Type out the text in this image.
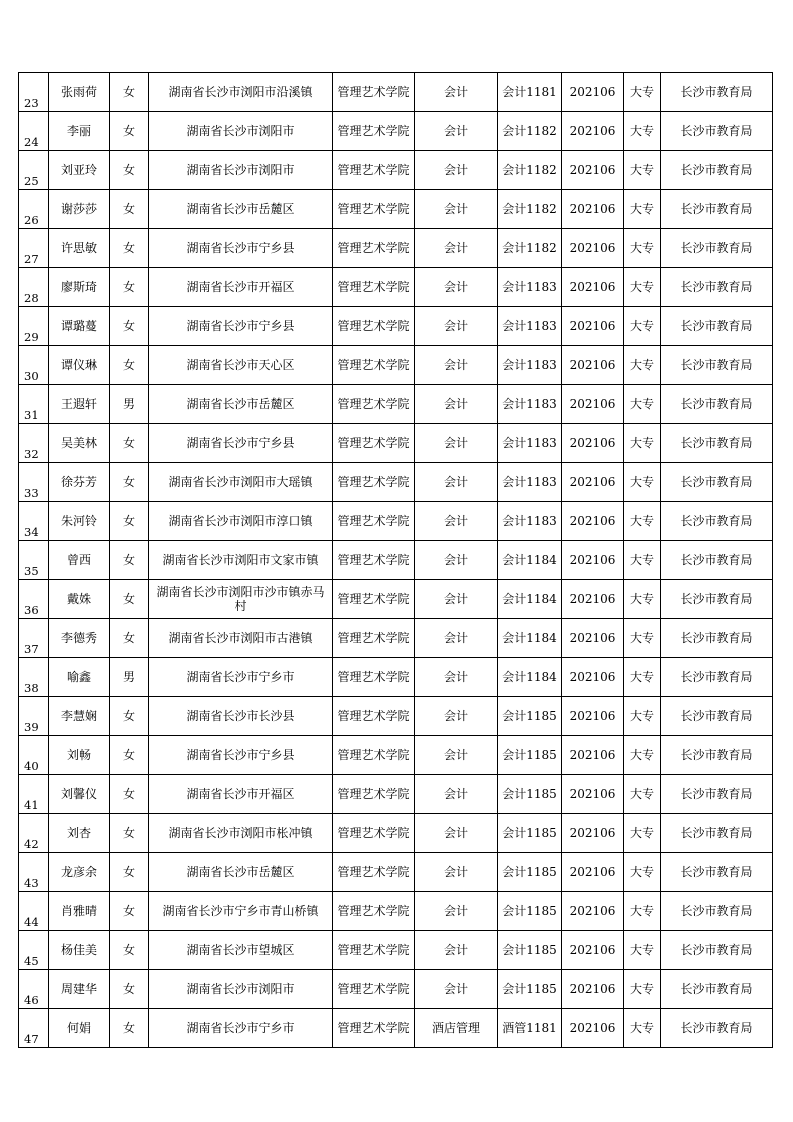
23	张雨荷	女	湖南省长沙市浏阳市沿溪镇	管理艺术学院	会计	会计1181	202106	大专	长沙市教育局
24	李丽	女	湖南省长沙市浏阳市	管理艺术学院	会计	会计1182	202106	大专	长沙市教育局
25	刘亚玲	女	湖南省长沙市浏阳市	管理艺术学院	会计	会计1182	202106	大专	长沙市教育局
26	谢莎莎	女	湖南省长沙市岳麓区	管理艺术学院	会计	会计1182	202106	大专	长沙市教育局
27	许思敏	女	湖南省长沙市宁乡县	管理艺术学院	会计	会计1182	202106	大专	长沙市教育局
28	廖斯琦	女	湖南省长沙市开福区	管理艺术学院	会计	会计1183	202106	大专	长沙市教育局
29	谭璐蔓	女	湖南省长沙市宁乡县	管理艺术学院	会计	会计1183	202106	大专	长沙市教育局
30	谭仪琳	女	湖南省长沙市天心区	管理艺术学院	会计	会计1183	202106	大专	长沙市教育局
31	王遐轩	男	湖南省长沙市岳麓区	管理艺术学院	会计	会计1183	202106	大专	长沙市教育局
32	吴美林	女	湖南省长沙市宁乡县	管理艺术学院	会计	会计1183	202106	大专	长沙市教育局
33	徐芬芳	女	湖南省长沙市浏阳市大瑶镇	管理艺术学院	会计	会计1183	202106	大专	长沙市教育局
34	朱河铃	女	湖南省长沙市浏阳市淳口镇	管理艺术学院	会计	会计1183	202106	大专	长沙市教育局
35	曾西	女	湖南省长沙市浏阳市文家市镇	管理艺术学院	会计	会计1184	202106	大专	长沙市教育局
36	戴姝	女	湖南省长沙市浏阳市沙市镇赤马村	管理艺术学院	会计	会计1184	202106	大专	长沙市教育局
37	李德秀	女	湖南省长沙市浏阳市古港镇	管理艺术学院	会计	会计1184	202106	大专	长沙市教育局
38	喻鑫	男	湖南省长沙市宁乡市	管理艺术学院	会计	会计1184	202106	大专	长沙市教育局
39	李慧娴	女	湖南省长沙市长沙县	管理艺术学院	会计	会计1185	202106	大专	长沙市教育局
40	刘畅	女	湖南省长沙市宁乡县	管理艺术学院	会计	会计1185	202106	大专	长沙市教育局
41	刘馨仪	女	湖南省长沙市开福区	管理艺术学院	会计	会计1185	202106	大专	长沙市教育局
42	刘杏	女	湖南省长沙市浏阳市枨冲镇	管理艺术学院	会计	会计1185	202106	大专	长沙市教育局
43	龙彦余	女	湖南省长沙市岳麓区	管理艺术学院	会计	会计1185	202106	大专	长沙市教育局
44	肖雅晴	女	湖南省长沙市宁乡市青山桥镇	管理艺术学院	会计	会计1185	202106	大专	长沙市教育局
45	杨佳美	女	湖南省长沙市望城区	管理艺术学院	会计	会计1185	202106	大专	长沙市教育局
46	周建华	女	湖南省长沙市浏阳市	管理艺术学院	会计	会计1185	202106	大专	长沙市教育局
47	何娟	女	湖南省长沙市宁乡市	管理艺术学院	酒店管理	酒管1181	202106	大专	长沙市教育局
